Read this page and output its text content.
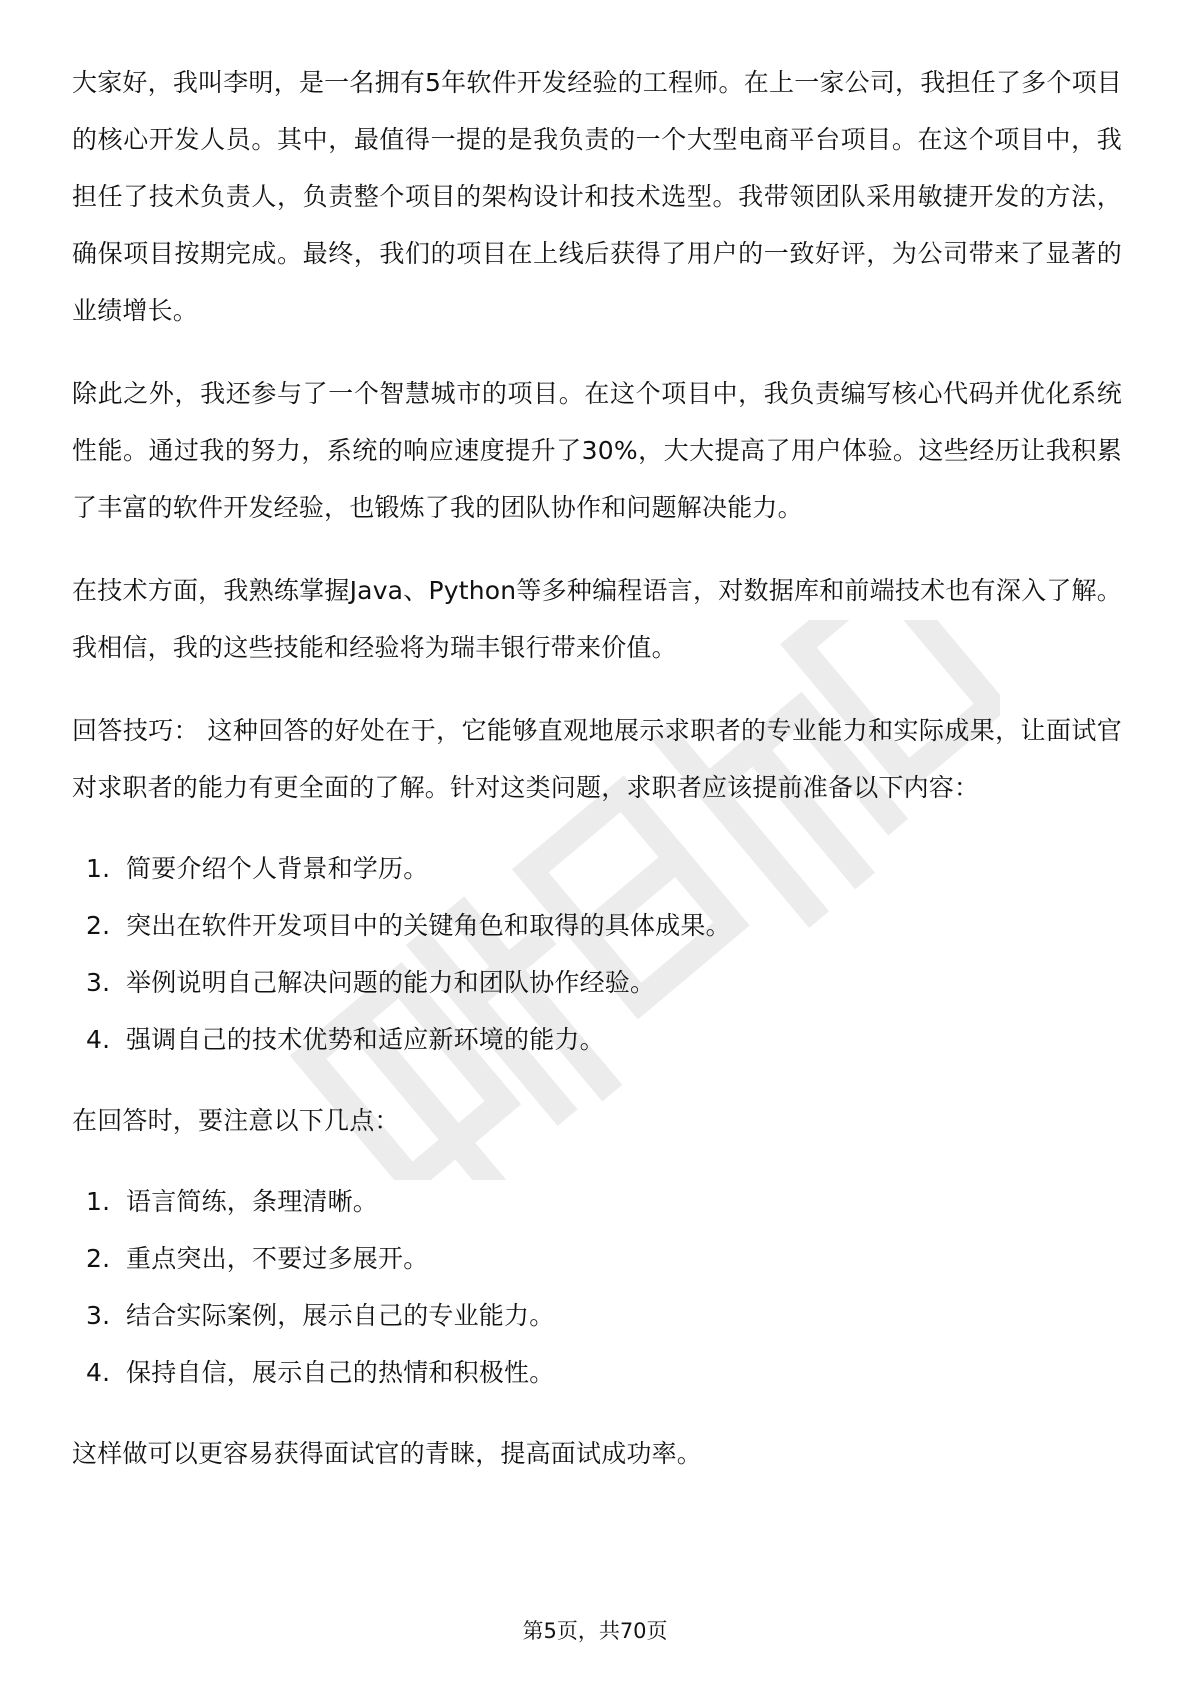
大家好，我叫李明，是一名拥有5年软件开发经验的工程师。在上一家公司，我担任了多个项目的核心开发人员。其中，最值得一提的是我负责的一个大型电商平台项目。在这个项目中，我担任了技术负责人，负责整个项目的架构设计和技术选型。我带领团队采用敏捷开发的方法，确保项目按期完成。最终，我们的项目在上线后获得了用户的一致好评，为公司带来了显著的业绩增长。

除此之外，我还参与了一个智慧城市的项目。在这个项目中，我负责编写核心代码并优化系统性能。通过我的努力，系统的响应速度提升了30%，大大提高了用户体验。这些经历让我积累了丰富的软件开发经验，也锻炼了我的团队协作和问题解决能力。

在技术方面，我熟练掌握Java、Python等多种编程语言，对数据库和前端技术也有深入了解。我相信，我的这些技能和经验将为瑞丰银行带来价值。

回答技巧： 这种回答的好处在于，它能够直观地展示求职者的专业能力和实际成果，让面试官对求职者的能力有更全面的了解。针对这类问题，求职者应该提前准备以下内容：

1. 简要介绍个人背景和学历。
2. 突出在软件开发项目中的关键角色和取得的具体成果。
3. 举例说明自己解决问题的能力和团队协作经验。
4. 强调自己的技术优势和适应新环境的能力。

在回答时，要注意以下几点：

1. 语言简练，条理清晰。
2. 重点突出，不要过多展开。
3. 结合实际案例，展示自己的专业能力。
4. 保持自信，展示自己的热情和积极性。

这样做可以更容易获得面试官的青睐，提高面试成功率。

第5页，共70页
